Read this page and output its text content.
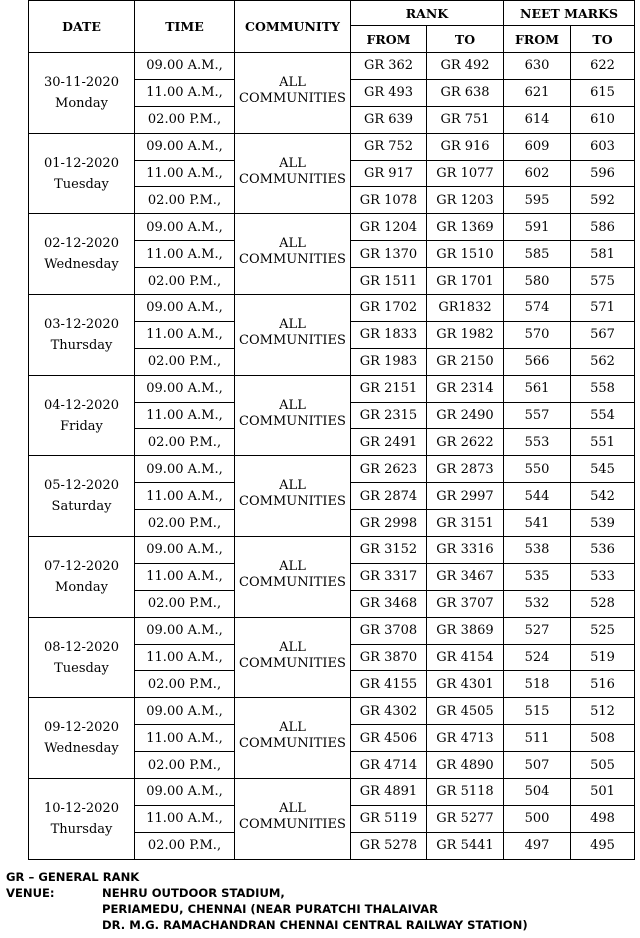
DATE	TIME	COMMUNITY	RANK		NEET MARKS	
			FROM	TO	FROM	TO

30-11-2020
Monday	09.00 A.M.,	ALL COMMUNITIES	GR 362	GR 492	630	622
	11.00 A.M.,		GR 493	GR 638	621	615
	02.00 P.M.,		GR 639	GR 751	614	610

01-12-2020
Tuesday	09.00 A.M.,	ALL COMMUNITIES	GR 752	GR 916	609	603
	11.00 A.M.,		GR 917	GR 1077	602	596
	02.00 P.M.,		GR 1078	GR 1203	595	592

02-12-2020
Wednesday	09.00 A.M.,	ALL COMMUNITIES	GR 1204	GR 1369	591	586
	11.00 A.M.,		GR 1370	GR 1510	585	581
	02.00 P.M.,		GR 1511	GR 1701	580	575

03-12-2020
Thursday	09.00 A.M.,	ALL COMMUNITIES	GR 1702	GR1832	574	571
	11.00 A.M.,		GR 1833	GR 1982	570	567
	02.00 P.M.,		GR 1983	GR 2150	566	562

04-12-2020
Friday	09.00 A.M.,	ALL COMMUNITIES	GR 2151	GR 2314	561	558
	11.00 A.M.,		GR 2315	GR 2490	557	554
	02.00 P.M.,		GR 2491	GR 2622	553	551

05-12-2020
Saturday	09.00 A.M.,	ALL COMMUNITIES	GR 2623	GR 2873	550	545
	11.00 A.M.,		GR 2874	GR 2997	544	542
	02.00 P.M.,		GR 2998	GR 3151	541	539

07-12-2020
Monday	09.00 A.M.,	ALL COMMUNITIES	GR 3152	GR 3316	538	536
	11.00 A.M.,		GR 3317	GR 3467	535	533
	02.00 P.M.,		GR 3468	GR 3707	532	528

08-12-2020
Tuesday	09.00 A.M.,	ALL COMMUNITIES	GR 3708	GR 3869	527	525
	11.00 A.M.,		GR 3870	GR 4154	524	519
	02.00 P.M.,		GR 4155	GR 4301	518	516

09-12-2020
Wednesday	09.00 A.M.,	ALL COMMUNITIES	GR 4302	GR 4505	515	512
	11.00 A.M.,		GR 4506	GR 4713	511	508
	02.00 P.M.,		GR 4714	GR 4890	507	505

10-12-2020
Thursday	09.00 A.M.,	ALL COMMUNITIES	GR 4891	GR 5118	504	501
	11.00 A.M.,		GR 5119	GR 5277	500	498
	02.00 P.M.,		GR 5278	GR 5441	497	495
GR – GENERAL RANK
VENUE:	NEHRU OUTDOOR STADIUM,
PERIAMEDU, CHENNAI (NEAR PURATCHI THALAIVAR
DR. M.G. RAMACHANDRAN CHENNAI CENTRAL RAILWAY STATION)
